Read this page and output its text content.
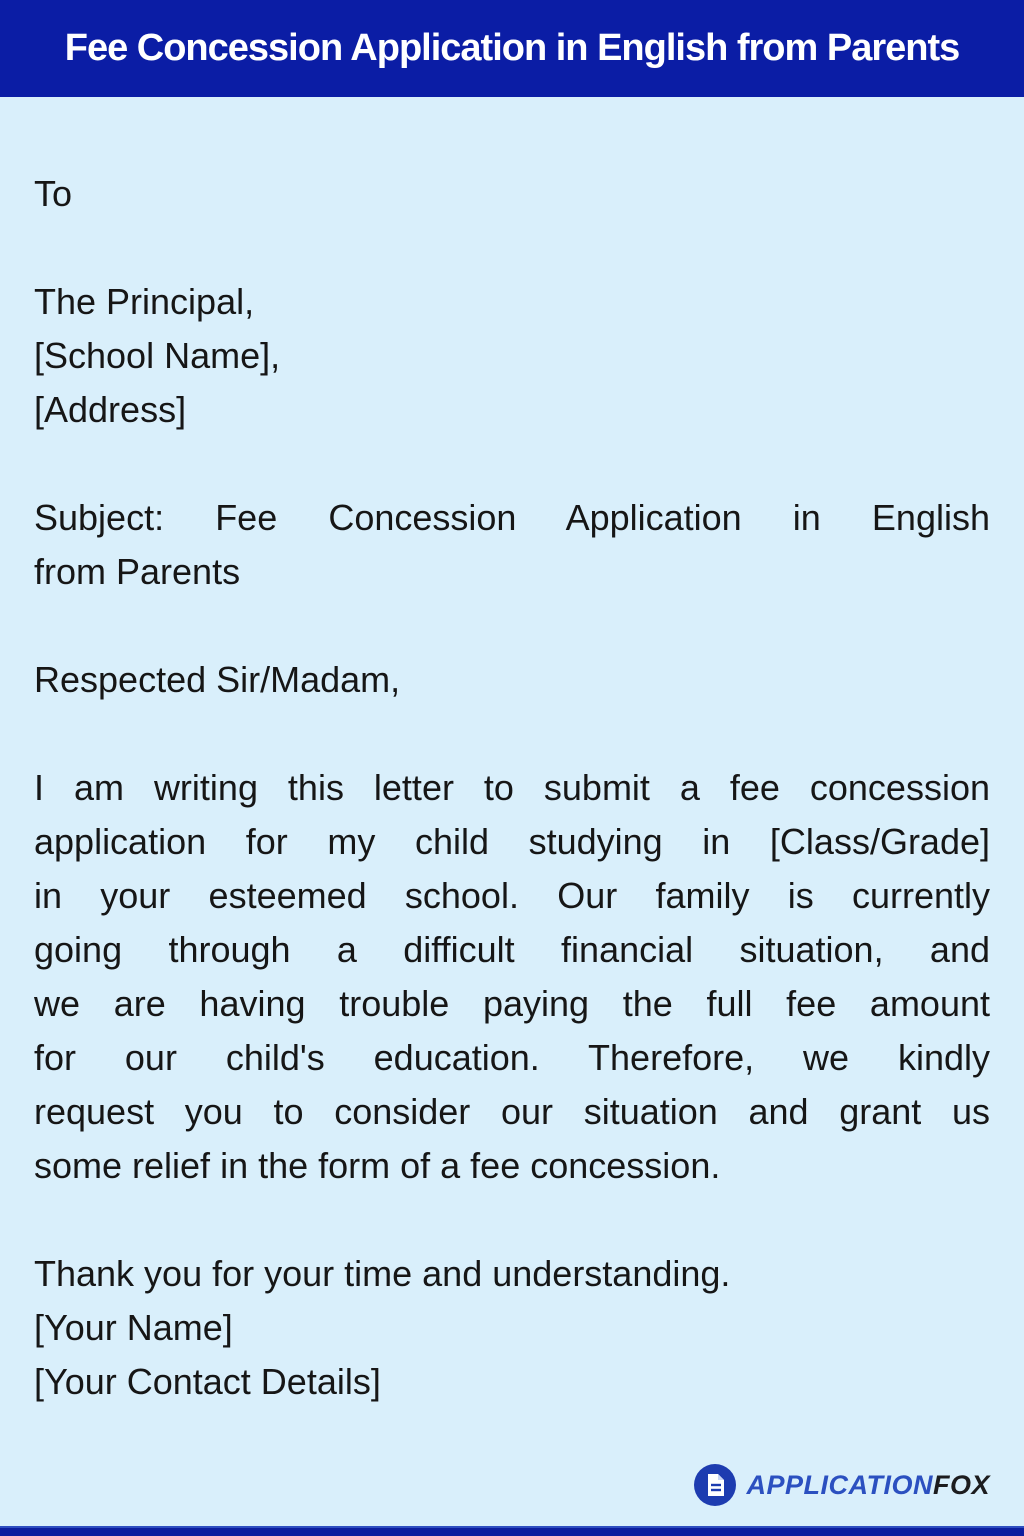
Fee Concession Application in English from Parents
To
The Principal,
[School Name],
[Address]
Subject: Fee Concession Application in English
from Parents
Respected Sir/Madam,
I am writing this letter to submit a fee concession
application for my child studying in [Class/Grade]
in your esteemed school. Our family is currently
going through a difficult financial situation, and
we are having trouble paying the full fee amount
for our child's education. Therefore, we kindly
request you to consider our situation and grant us
some relief in the form of a fee concession.
Thank you for your time and understanding.
[Your Name]
[Your Contact Details]
APPLICATIONFOX
